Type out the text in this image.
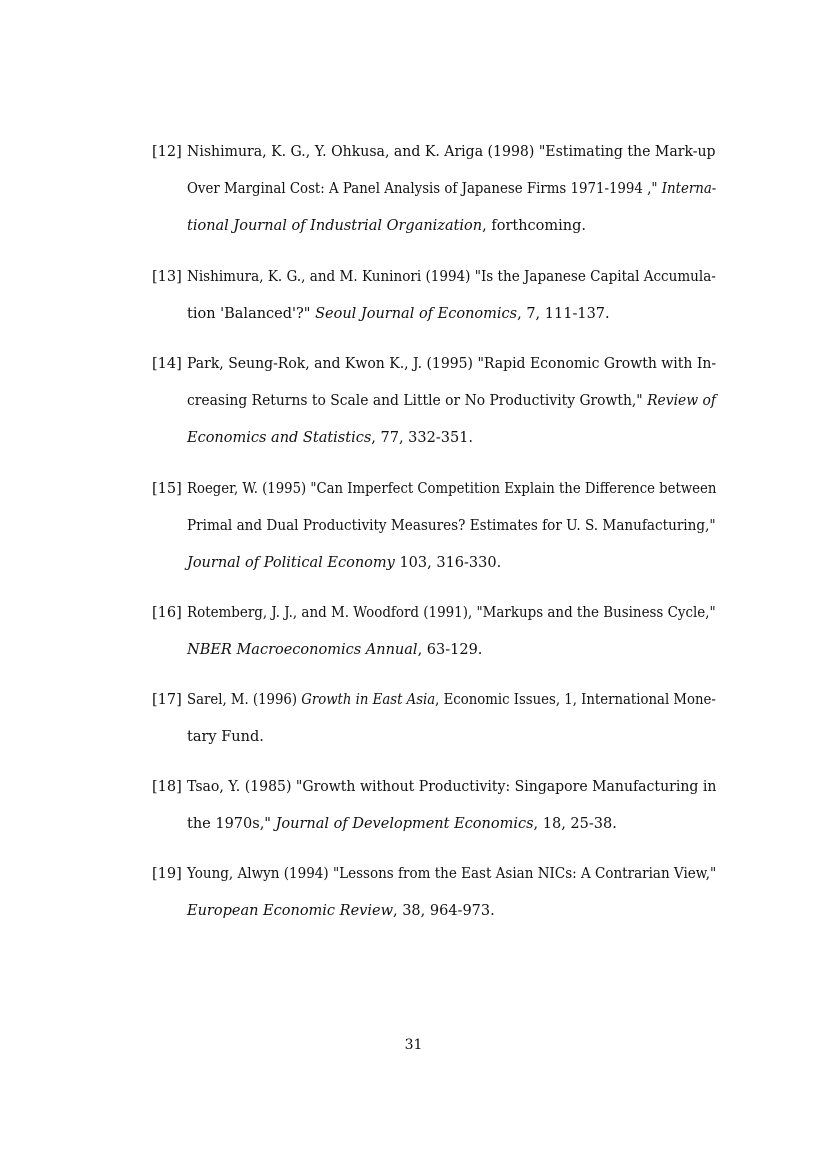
[12] Nishimura, K. G., Y. Ohkusa, and K. Ariga (1998) "Estimating the Mark-up
Over Marginal Cost: A Panel Analysis of Japanese Firms 1971-1994 ," Interna-
tional Journal of Industrial Organization, forthcoming.
[13] Nishimura, K. G., and M. Kuninori (1994) "Is the Japanese Capital Accumula-
tion 'Balanced'?" Seoul Journal of Economics, 7, 111-137.
[14] Park, Seung-Rok, and Kwon K., J. (1995) "Rapid Economic Growth with In-
creasing Returns to Scale and Little or No Productivity Growth," Review of
Economics and Statistics, 77, 332-351.
[15] Roeger, W. (1995) "Can Imperfect Competition Explain the Difference between
Primal and Dual Productivity Measures? Estimates for U. S. Manufacturing,"
Journal of Political Economy 103, 316-330.
[16] Rotemberg, J. J., and M. Woodford (1991), "Markups and the Business Cycle,"
NBER Macroeconomics Annual, 63-129.
[17] Sarel, M. (1996) Growth in East Asia, Economic Issues, 1, International Mone-
tary Fund.
[18] Tsao, Y. (1985) "Growth without Productivity: Singapore Manufacturing in
the 1970s," Journal of Development Economics, 18, 25-38.
[19] Young, Alwyn (1994) "Lessons from the East Asian NICs: A Contrarian View,"
European Economic Review, 38, 964-973.
31
